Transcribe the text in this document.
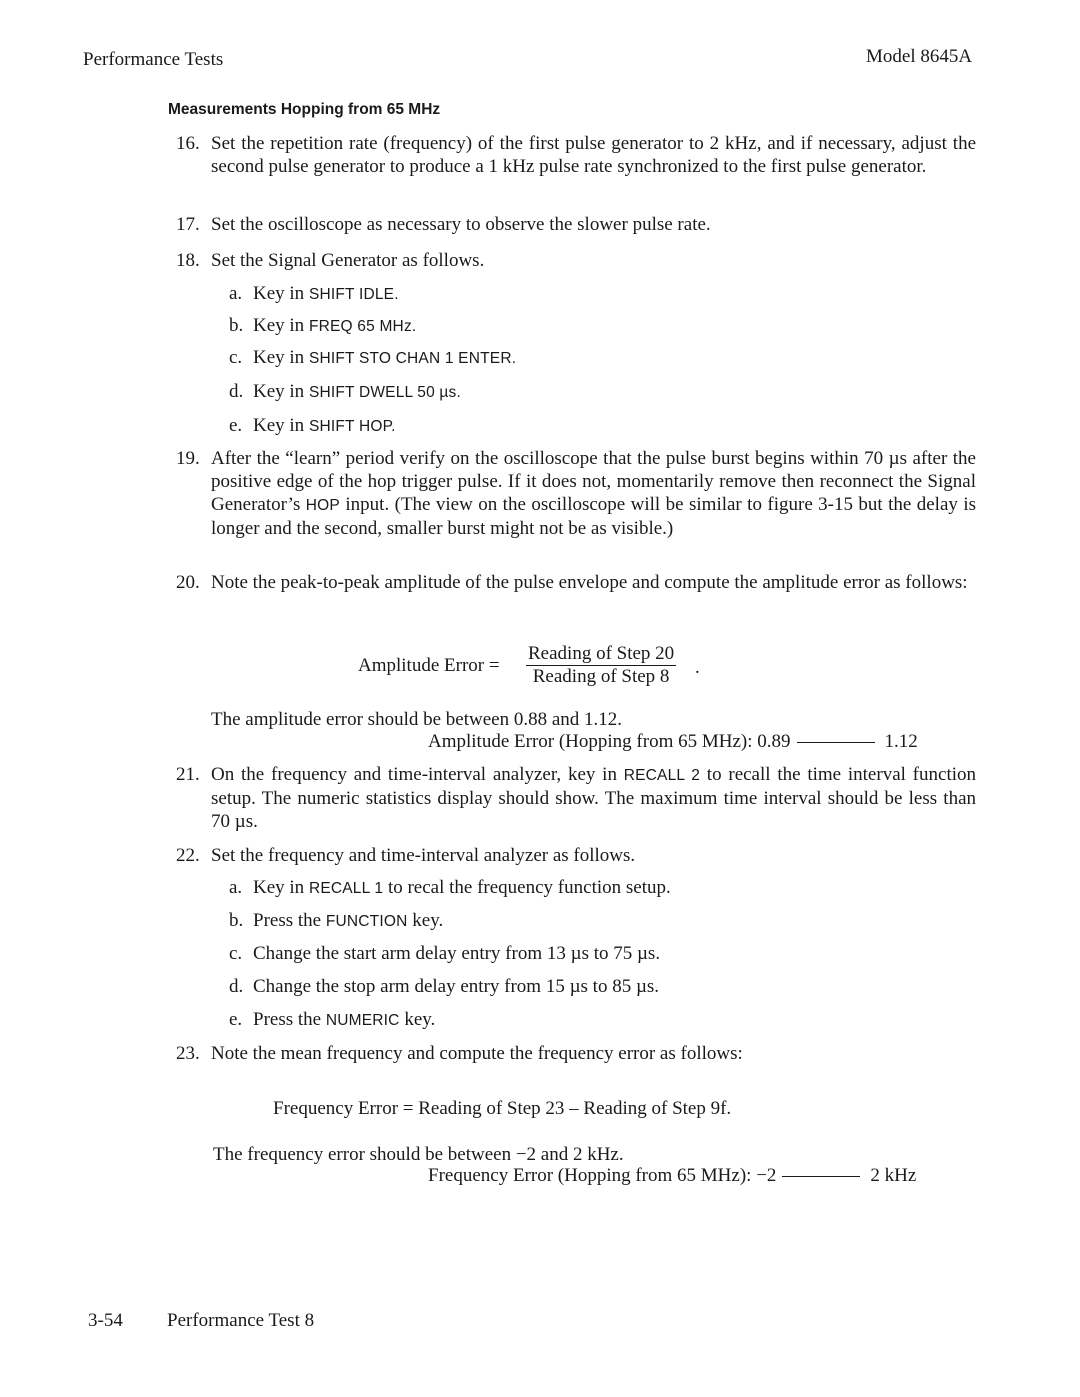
Performance Tests	Model 8645A
Measurements Hopping from 65 MHz
16. Set the repetition rate (frequency) of the first pulse generator to 2 kHz, and if necessary, adjust the second pulse generator to produce a 1 kHz pulse rate synchronized to the first pulse generator.
17. Set the oscilloscope as necessary to observe the slower pulse rate.
18. Set the Signal Generator as follows.
a. Key in SHIFT IDLE.
b. Key in FREQ 65 MHz.
c. Key in SHIFT STO CHAN 1 ENTER.
d. Key in SHIFT DWELL 50 µs.
e. Key in SHIFT HOP.
19. After the “learn” period verify on the oscilloscope that the pulse burst begins within 70 µs after the positive edge of the hop trigger pulse. If it does not, momentarily remove then reconnect the Signal Generator’s HOP input. (The view on the oscilloscope will be similar to figure 3-15 but the delay is longer and the second, smaller burst might not be as visible.)
20. Note the peak-to-peak amplitude of the pulse envelope and compute the amplitude error as follows:
Amplitude Error =
Reading of Step 20
Reading of Step 8	.
The amplitude error should be between 0.88 and 1.12.
Amplitude Error (Hopping from 65 MHz): 0.89	1.12
21. On the frequency and time-interval analyzer, key in RECALL 2 to recall the time interval function setup. The numeric statistics display should show. The maximum time interval should be less than 70 µs.
22. Set the frequency and time-interval analyzer as follows.
a. Key in RECALL 1 to recal the frequency function setup.
b. Press the FUNCTION key.
c. Change the start arm delay entry from 13 µs to 75 µs.
d. Change the stop arm delay entry from 15 µs to 85 µs.
e. Press the NUMERIC key.
23. Note the mean frequency and compute the frequency error as follows:
Frequency Error = Reading of Step 23 – Reading of Step 9f.
The frequency error should be between −2 and 2 kHz.
Frequency Error (Hopping from 65 MHz): −2	2 kHz
3-54 Performance Test 8
